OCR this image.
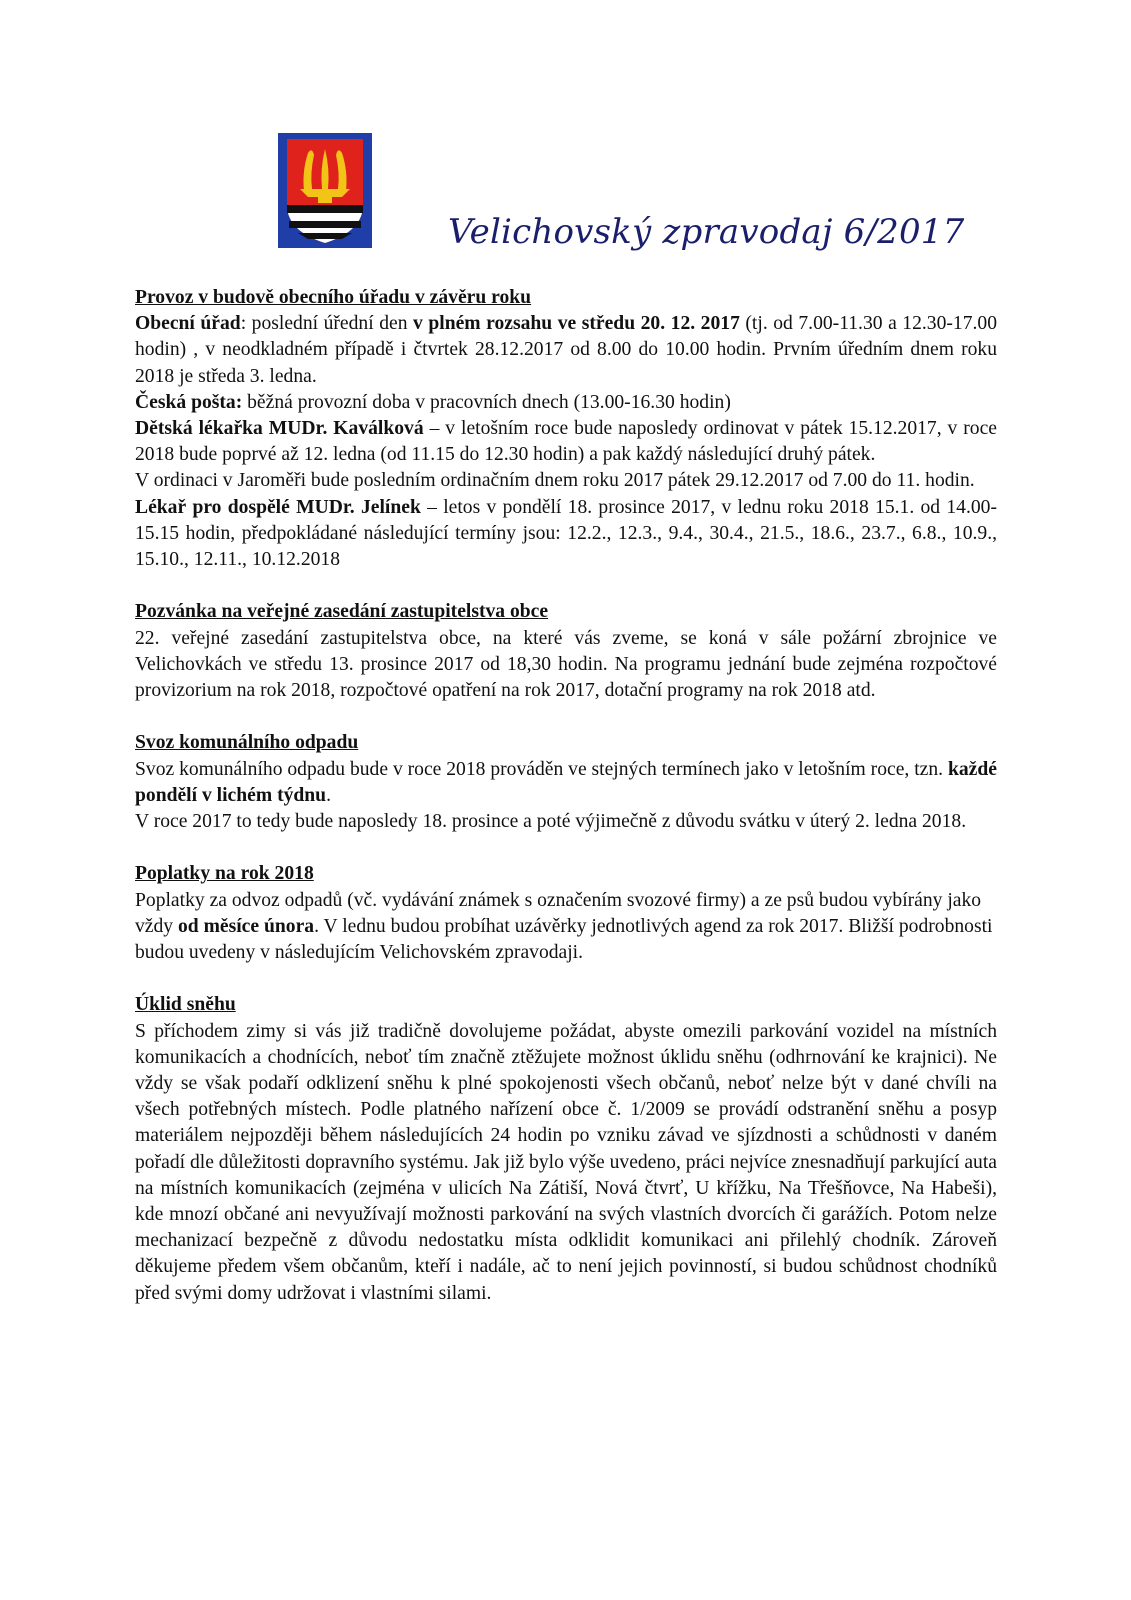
Velichovský zpravodaj 6/2017
Provoz v budově obecního úřadu v závěru roku

Obecní úřad: poslední úřední den v plném rozsahu ve středu 20. 12. 2017 (tj. od 7.00-11.30 a 12.30-17.00 hodin) , v neodkladném případě i čtvrtek 28.12.2017 od 8.00 do 10.00 hodin. Prvním úředním dnem roku 2018 je středa 3. ledna.

Česká pošta: běžná provozní doba v pracovních dnech (13.00-16.30 hodin)

Dětská lékařka MUDr. Kaválková – v letošním roce bude naposledy ordinovat v pátek 15.12.2017, v roce 2018 bude poprvé až 12. ledna (od 11.15 do 12.30 hodin) a pak každý následující druhý pátek.

V ordinaci v Jaroměři bude posledním ordinačním dnem roku 2017 pátek 29.12.2017 od 7.00 do 11. hodin.

Lékař pro dospělé MUDr. Jelínek – letos v pondělí 18. prosince 2017, v lednu roku 2018 15.1. od 14.00-15.15 hodin, předpokládané následující termíny jsou: 12.2., 12.3., 9.4., 30.4., 21.5., 18.6., 23.7., 6.8., 10.9., 15.10., 12.11., 10.12.2018

Pozvánka na veřejné zasedání zastupitelstva obce

22. veřejné zasedání zastupitelstva obce, na které vás zveme, se koná v sále požární zbrojnice ve Velichovkách ve středu 13. prosince 2017 od 18,30 hodin. Na programu jednání bude zejména rozpočtové provizorium na rok 2018, rozpočtové opatření na rok 2017, dotační programy na rok 2018 atd.

Svoz komunálního odpadu

Svoz komunálního odpadu bude v roce 2018 prováděn ve stejných termínech jako v letošním roce, tzn. každé pondělí v lichém týdnu.

V roce 2017 to tedy bude naposledy 18. prosince a poté výjimečně z důvodu svátku v úterý 2. ledna 2018.

Poplatky na rok 2018

Poplatky za odvoz odpadů (vč. vydávání známek s označením svozové firmy) a ze psů budou vybírány jako vždy od měsíce února. V lednu budou probíhat uzávěrky jednotlivých agend za rok 2017. Bližší podrobnosti budou uvedeny v následujícím Velichovském zpravodaji.

Úklid sněhu

S příchodem zimy si vás již tradičně dovolujeme požádat, abyste omezili parkování vozidel na místních komunikacích a chodnících, neboť tím značně ztěžujete možnost úklidu sněhu (odhrnování ke krajnici). Ne vždy se však podaří odklizení sněhu k plné spokojenosti všech občanů, neboť nelze být v dané chvíli na všech potřebných místech. Podle platného nařízení obce č. 1/2009 se provádí odstranění sněhu a posyp materiálem nejpozději během následujících 24 hodin po vzniku závad ve sjízdnosti a schůdnosti v daném pořadí dle důležitosti dopravního systému. Jak již bylo výše uvedeno, práci nejvíce znesnadňují parkující auta na místních komunikacích (zejména v ulicích Na Zátiší, Nová čtvrť, U křížku, Na Třešňovce, Na Habeši), kde mnozí občané ani nevyužívají možnosti parkování na svých vlastních dvorcích či garážích. Potom nelze mechanizací bezpečně z důvodu nedostatku místa odklidit komunikaci ani přilehlý chodník. Zároveň děkujeme předem všem občanům, kteří i nadále, ač to není jejich povinností, si budou schůdnost chodníků před svými domy udržovat i vlastními silami.
